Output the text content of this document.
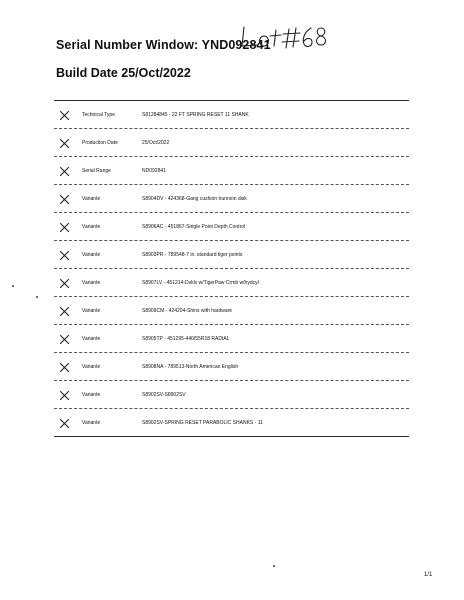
Serial Number Window: YND092841
Build Date 25/Oct/2022
Technical Type	S81284845 - 22 FT SPRING RESET 11 SHANK
Production Date	25/Oct/2022
Serial Range	ND092841
Variante	S8904DV - 424368-Gang cushion trunnion disk
Variante	S8906AC - 451867-Single Point Depth Control
Variante	S8903PR - 789548-7 in. standard tiger points
Variante	S8907LV - 451214-Dsklv w/TigerPaw Crmb w/hydcyl
Variante	S8909CM - 424204-Shins with hardware
Variante	S8905TP - 451295-440/55R18 RADIAL
Variante	S8908NA - 789513-North American English
Variante	S8902SV-S8902SV
Variante	S8902SV-SPRING RESET PARABOLIC SHANKS - 11
1/1
